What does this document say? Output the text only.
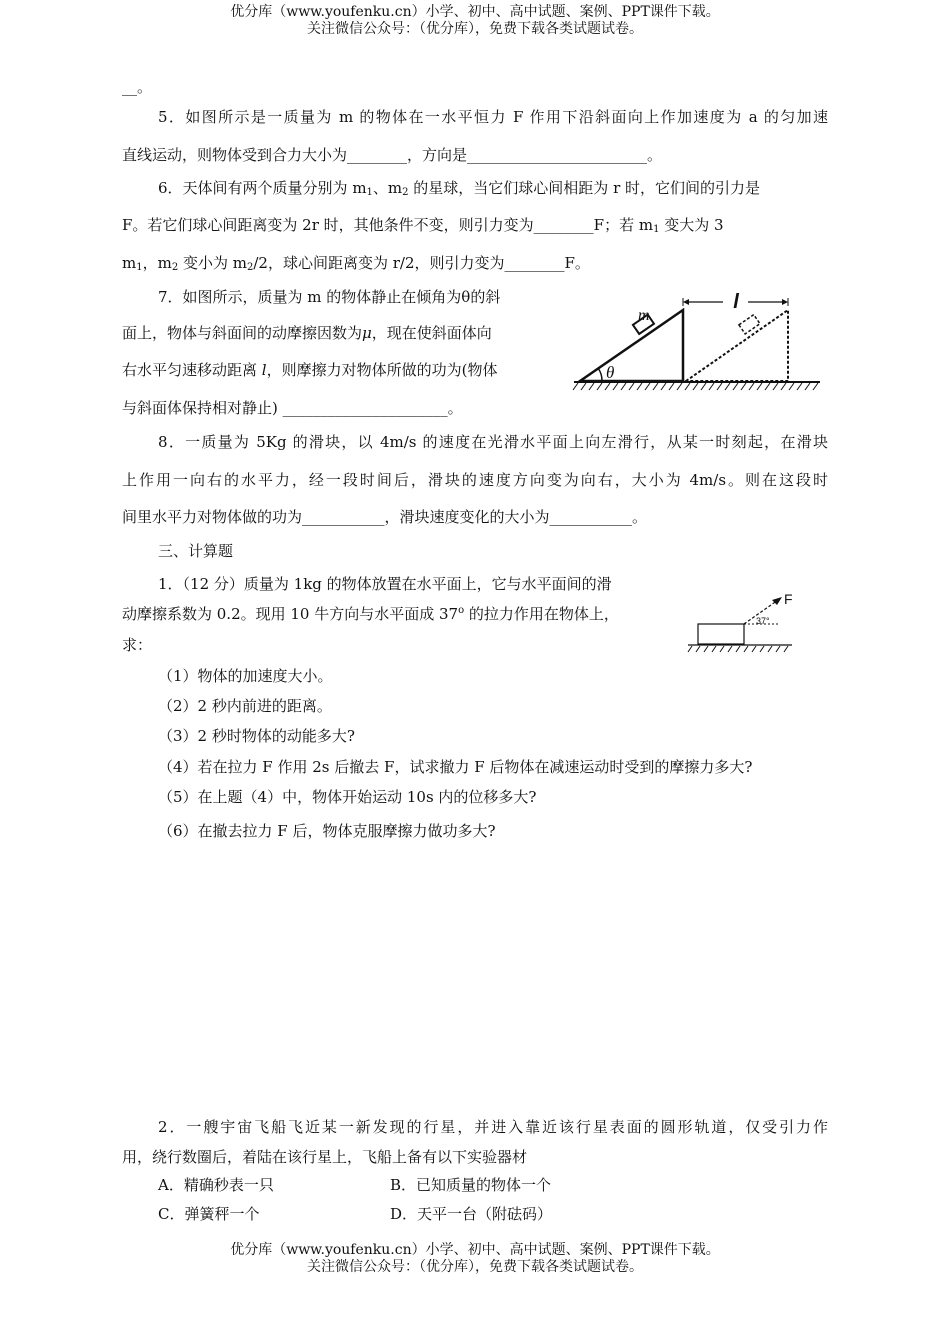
优分库（www.youfenku.cn）小学、初中、高中试题、案例、PPT课件下载。
关注微信公众号：（优分库），免费下载各类试题试卷。
__。
5．如图所示是一质量为 m 的物体在一水平恒力 F 作用下沿斜面向上作加速度为 a 的匀加速
直线运动，则物体受到合力大小为________，方向是________________________。
6．天体间有两个质量分别为 $m_1$、$m_2$ 的星球，当它们球心间相距为 r 时，它们间的引力是
F。若它们球心间距离变为 2r 时，其他条件不变，则引力变为________F；若 $m_1$ 变大为 3
$m_1$，$m_2$ 变小为 $m_2/2$，球心间距离变为 r/2，则引力变为________F。
7．如图所示，质量为 m 的物体静止在倾角为θ的斜
面上，物体与斜面间的动摩擦因数为μ，现在使斜面体向
右水平匀速移动距离 l，则摩擦力对物体所做的功为(物体
与斜面体保持相对静止) ______________________。
l
m
θ
8．一质量为 5Kg 的滑块，以 4m/s 的速度在光滑水平面上向左滑行，从某一时刻起，在滑块
上作用一向右的水平力，经一段时间后，滑块的速度方向变为向右，大小为 4m/s。则在这段时
间里水平力对物体做的功为___________，滑块速度变化的大小为___________。
三、计算题
1．（12 分）质量为 1kg 的物体放置在水平面上，它与水平面间的滑
动摩擦系数为 0.2。现用 10 牛方向与水平面成 37$^o$ 的拉力作用在物体上，
求：
F
37°
（1）物体的加速度大小。
（2）2 秒内前进的距离。
（3）2 秒时物体的动能多大?
（4）若在拉力 F 作用 2s 后撤去 F，试求撤力 F 后物体在减速运动时受到的摩擦力多大?
（5）在上题（4）中，物体开始运动 10s 内的位移多大?
（6）在撤去拉力 F 后，物体克服摩擦力做功多大?
2．一艘宇宙飞船飞近某一新发现的行星，并进入靠近该行星表面的圆形轨道，仅受引力作
用，绕行数圈后，着陆在该行星上，飞船上备有以下实验器材
A．精确秒表一只	B．已知质量的物体一个
C．弹簧秤一个	D．天平一台（附砝码）
优分库（www.youfenku.cn）小学、初中、高中试题、案例、PPT课件下载。
关注微信公众号：（优分库），免费下载各类试题试卷。
